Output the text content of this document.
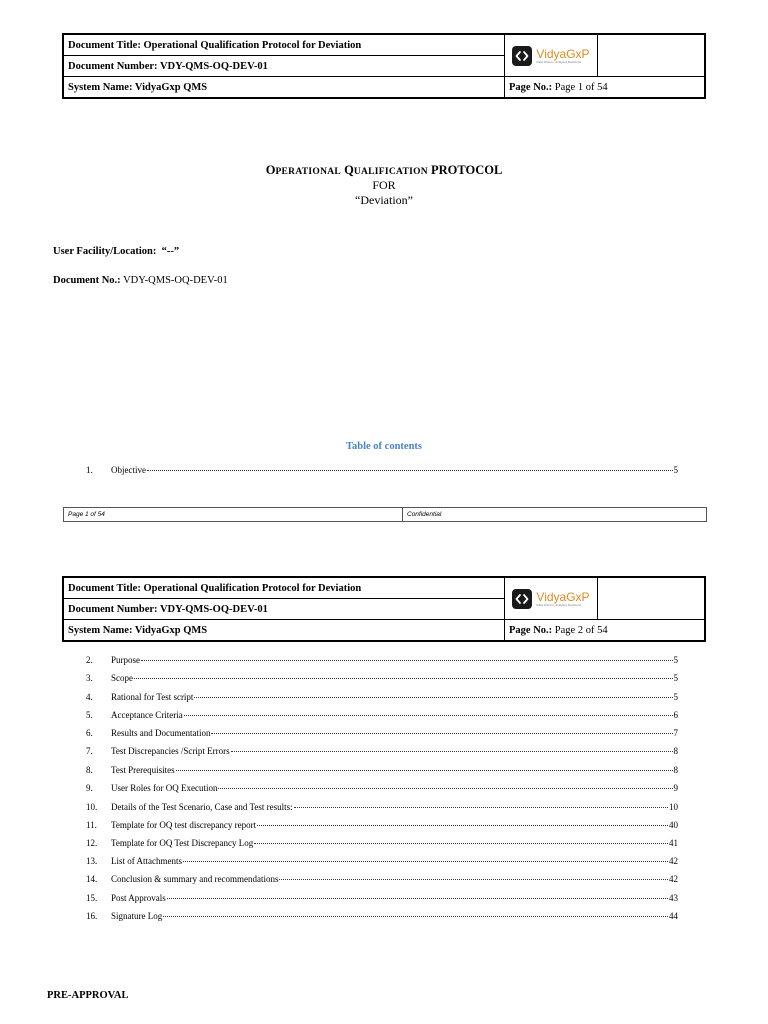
Document Title: Operational Qualification Protocol for Deviation	VidyaGxP
Data Informs, Analytics Decisions	

Document Number: VDY-QMS-OQ-DEV-01		
System Name: VidyaGxp QMS	Page No.: Page 1 of 54	
OPERATIONAL QUALIFICATION PROTOCOL
FOR
“Deviation”
User Facility/Location: “--”
Document No.: VDY-QMS-OQ-DEV-01
Table of contents
1.	Objective	5
Page 1 of 54	Confidential
Document Title: Operational Qualification Protocol for Deviation	VidyaGxP
Data Informs, Analytics Decisions	

Document Number: VDY-QMS-OQ-DEV-01		
System Name: VidyaGxp QMS	Page No.: Page 2 of 54	
2.	Purpose	5
3.	Scope	5
4.	Rational for Test script	5
5.	Acceptance Criteria	6
6.	Results and Documentation	7
7.	Test Discrepancies /Script Errors	8
8.	Test Prerequisites	8
9.	User Roles for OQ Execution	9
10.	Details of the Test Scenario, Case and Test results:	10
11.	Template for OQ test discrepancy report	40
12.	Template for OQ Test Discrepancy Log	41
13.	List of Attachments	42
14.	Conclusion & summary and recommendations	42
15.	Post Approvals	43
16.	Signature Log	44
PRE-APPROVAL
